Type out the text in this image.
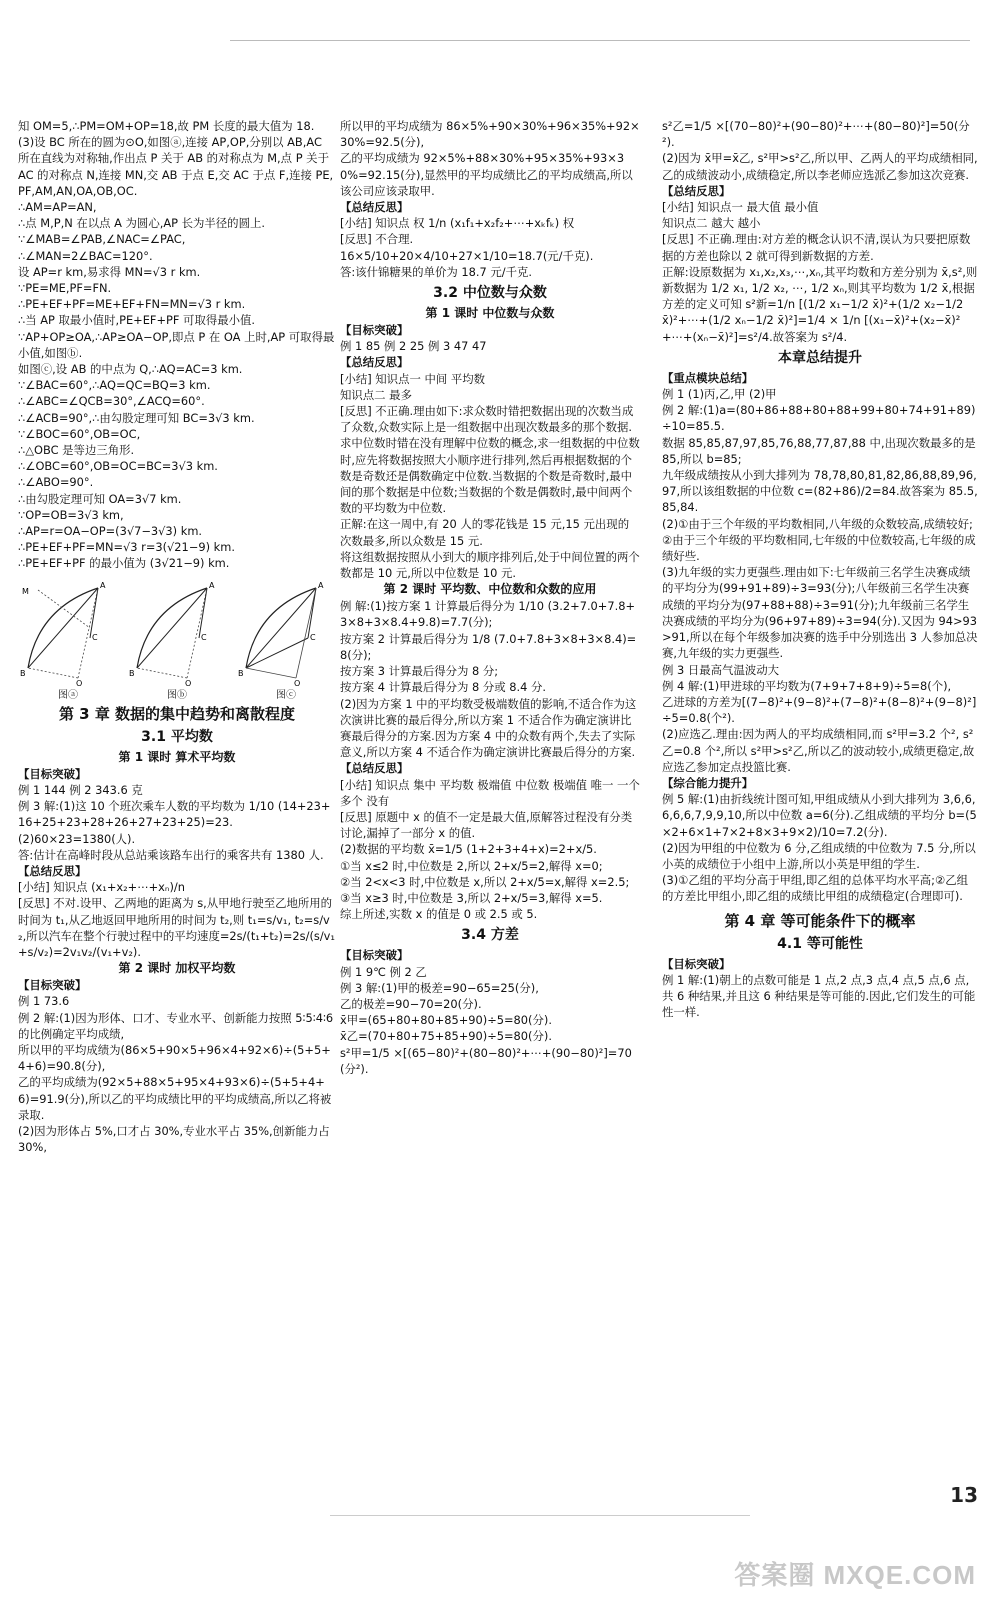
知 OM=5,∴PM=OM+OP=18,故 PM 长度的最大值为 18.

(3)设 BC 所在的圆为⊙O,如图ⓐ,连接 AP,OP,分别以 AB,AC 所在直线为对称轴,作出点 P 关于 AB 的对称点为 M,点 P 关于 AC 的对称点 N,连接 MN,交 AB 于点 E,交 AC 于点 F,连接 PE,PF,AM,AN,OA,OB,OC.

∴AM=AP=AN,

∴点 M,P,N 在以点 A 为圆心,AP 长为半径的圆上.

∵∠MAB=∠PAB,∠NAC=∠PAC,

∴∠MAN=2∠BAC=120°.

设 AP=r km,易求得 MN=√3 r km.

∵PE=ME,PF=FN.

∴PE+EF+PF=ME+EF+FN=MN=√3 r km.

∴当 AP 取最小值时,PE+EF+PF 可取得最小值.

∵AP+OP≥OA,∴AP≥OA−OP,即点 P 在 OA 上时,AP 可取得最小值,如图ⓑ.

如图ⓒ,设 AB 的中点为 Q,∴AQ=AC=3 km.

∵∠BAC=60°,∴AQ=QC=BQ=3 km.

∴∠ABC=∠QCB=30°,∠ACQ=60°.

∴∠ACB=90°,∴由勾股定理可知 BC=3√3 km.

∵∠BOC=60°,OB=OC,

∴△OBC 是等边三角形.

∴∠OBC=60°,OB=OC=BC=3√3 km.

∴∠ABO=90°.

∴由勾股定理可知 OA=3√7 km.

∵OP=OB=3√3 km,

∴AP=r=OA−OP=(3√7−3√3) km.

∴PE+EF+PF=MN=√3 r=3(√21−9) km.

∴PE+EF+PF 的最小值为 (3√21−9) km.

M
A
B
C
O
图ⓐ
A
B
C
O
图ⓑ
A
B
C
O
图ⓒ
第 3 章 数据的集中趋势和离散程度
3.1 平均数
第 1 课时 算术平均数

【目标突破】

例 1 144 例 2 343.6 克

例 3 解:(1)这 10 个班次乘车人数的平均数为 1/10 (14+23+16+25+23+28+26+27+23+25)=23.

(2)60×23=1380(人).

答:估计在高峰时段从总站乘该路车出行的乘客共有 1380 人.

【总结反思】

[小结] 知识点 (x₁+x₂+⋯+xₙ)/n

[反思] 不对.设甲、乙两地的距离为 s,从甲地行驶至乙地所用的时间为 t₁,从乙地返回甲地所用的时间为 t₂,则 t₁=s/v₁, t₂=s/v₂,所以汽车在整个行驶过程中的平均速度=2s/(t₁+t₂)=2s/(s/v₁+s/v₂)=2v₁v₂/(v₁+v₂).

第 2 课时 加权平均数

【目标突破】

例 1 73.6

例 2 解:(1)因为形体、口才、专业水平、创新能力按照 5∶5∶4∶6 的比例确定平均成绩,

所以甲的平均成绩为(86×5+90×5+96×4+92×6)÷(5+5+4+6)=90.8(分),

乙的平均成绩为(92×5+88×5+95×4+93×6)÷(5+5+4+6)=91.9(分),所以乙的平均成绩比甲的平均成绩高,所以乙将被录取.

(2)因为形体占 5%,口才占 30%,专业水平占 35%,创新能力占 30%,

所以甲的平均成绩为 86×5%+90×30%+96×35%+92×30%=92.5(分),

乙的平均成绩为 92×5%+88×30%+95×35%+93×30%=92.15(分),显然甲的平均成绩比乙的平均成绩高,所以该公司应该录取甲.

【总结反思】

[小结] 知识点 权 1/n (x₁f₁+x₂f₂+⋯+xₖfₖ) 权

[反思] 不合理.

16×5/10+20×4/10+27×1/10=18.7(元/千克).

答:该什锦糖果的单价为 18.7 元/千克.

3.2 中位数与众数
第 1 课时 中位数与众数

【目标突破】

例 1 85 例 2 25 例 3 47 47

【总结反思】

[小结] 知识点一 中间 平均数

知识点二 最多

[反思] 不正确.理由如下:求众数时错把数据出现的次数当成了众数,众数实际上是一组数据中出现次数最多的那个数据.

求中位数时错在没有理解中位数的概念,求一组数据的中位数时,应先将数据按照大小顺序进行排列,然后再根据数据的个数是奇数还是偶数确定中位数.当数据的个数是奇数时,最中间的那个数据是中位数;当数据的个数是偶数时,最中间两个数的平均数为中位数.

正解:在这一周中,有 20 人的零花钱是 15 元,15 元出现的次数最多,所以众数是 15 元.

将这组数据按照从小到大的顺序排列后,处于中间位置的两个数都是 10 元,所以中位数是 10 元.

第 2 课时 平均数、中位数和众数的应用

例 解:(1)按方案 1 计算最后得分为 1/10 (3.2+7.0+7.8+3×8+3×8.4+9.8)=7.7(分);

按方案 2 计算最后得分为 1/8 (7.0+7.8+3×8+3×8.4)=8(分);

按方案 3 计算最后得分为 8 分;

按方案 4 计算最后得分为 8 分或 8.4 分.

(2)因为方案 1 中的平均数受极端数值的影响,不适合作为这次演讲比赛的最后得分,所以方案 1 不适合作为确定演讲比赛最后得分的方案.因为方案 4 中的众数有两个,失去了实际意义,所以方案 4 不适合作为确定演讲比赛最后得分的方案.

【总结反思】

[小结] 知识点 集中 平均数 极端值 中位数 极端值 唯一 一个 多个 没有

[反思] 原题中 x 的值不一定是最大值,原解答过程没有分类讨论,漏掉了一部分 x 的值.

(2)数据的平均数 x̄=1/5 (1+2+3+4+x)=2+x/5.

①当 x≤2 时,中位数是 2,所以 2+x/5=2,解得 x=0;

②当 2<x<3 时,中位数是 x,所以 2+x/5=x,解得 x=2.5;

③当 x≥3 时,中位数是 3,所以 2+x/5=3,解得 x=5.

综上所述,实数 x 的值是 0 或 2.5 或 5.

3.4 方差

【目标突破】

例 1 9℃ 例 2 乙

例 3 解:(1)甲的极差=90−65=25(分),

乙的极差=90−70=20(分).

x̄甲=(65+80+80+85+90)÷5=80(分).

x̄乙=(70+80+75+85+90)÷5=80(分).

s²甲=1/5 ×[(65−80)²+(80−80)²+⋯+(90−80)²]=70(分²).

s²乙=1/5 ×[(70−80)²+(90−80)²+⋯+(80−80)²]=50(分²).

(2)因为 x̄甲=x̄乙, s²甲>s²乙,所以甲、乙两人的平均成绩相同,乙的成绩波动小,成绩稳定,所以李老师应选派乙参加这次竞赛.

【总结反思】

[小结] 知识点一 最大值 最小值

知识点二 越大 越小

[反思] 不正确.理由:对方差的概念认识不清,误认为只要把原数据的方差也除以 2 就可得到新数据的方差.

正解:设原数据为 x₁,x₂,x₃,⋯,xₙ,其平均数和方差分别为 x̄,s²,则新数据为 1/2 x₁, 1/2 x₂, ⋯, 1/2 xₙ,则其平均数为 1/2 x̄,根据方差的定义可知 s²新=1/n [(1/2 x₁−1/2 x̄)²+(1/2 x₂−1/2 x̄)²+⋯+(1/2 xₙ−1/2 x̄)²]=1/4 × 1/n [(x₁−x̄)²+(x₂−x̄)²+⋯+(xₙ−x̄)²]=s²/4.故答案为 s²/4.

本章总结提升

【重点模块总结】

例 1 (1)丙,乙,甲 (2)甲

例 2 解:(1)a=(80+86+88+80+88+99+80+74+91+89)÷10=85.5.

数据 85,85,87,97,85,76,88,77,87,88 中,出现次数最多的是 85,所以 b=85;

九年级成绩按从小到大排列为 78,78,80,81,82,86,88,89,96,97,所以该组数据的中位数 c=(82+86)/2=84.故答案为 85.5,85,84.

(2)①由于三个年级的平均数相同,八年级的众数较高,成绩较好;②由于三个年级的平均数相同,七年级的中位数较高,七年级的成绩好些.

(3)九年级的实力更强些.理由如下:七年级前三名学生决赛成绩的平均分为(99+91+89)÷3=93(分);八年级前三名学生决赛成绩的平均分为(97+88+88)÷3=91(分);九年级前三名学生决赛成绩的平均分为(96+97+89)÷3=94(分).又因为 94>93>91,所以在每个年级参加决赛的选手中分别选出 3 人参加总决赛,九年级的实力更强些.

例 3 日最高气温波动大

例 4 解:(1)甲进球的平均数为(7+9+7+8+9)÷5=8(个),

乙进球的方差为[(7−8)²+(9−8)²+(7−8)²+(8−8)²+(9−8)²]÷5=0.8(个²).

(2)应选乙.理由:因为两人的平均成绩相同,而 s²甲=3.2 个², s²乙=0.8 个²,所以 s²甲>s²乙,所以乙的波动较小,成绩更稳定,故应选乙参加定点投篮比赛.

【综合能力提升】

例 5 解:(1)由折线统计图可知,甲组成绩从小到大排列为 3,6,6,6,6,6,7,9,9,10,所以中位数 a=6(分).乙组成绩的平均分 b=(5×2+6×1+7×2+8×3+9×2)/10=7.2(分).

(2)因为甲组的中位数为 6 分,乙组成绩的中位数为 7.5 分,所以小英的成绩位于小组中上游,所以小英是甲组的学生.

(3)①乙组的平均分高于甲组,即乙组的总体平均水平高;②乙组的方差比甲组小,即乙组的成绩比甲组的成绩稳定(合理即可).

第 4 章 等可能条件下的概率
4.1 等可能性

【目标突破】

例 1 解:(1)朝上的点数可能是 1 点,2 点,3 点,4 点,5 点,6 点,共 6 种结果,并且这 6 种结果是等可能的.因此,它们发生的可能性一样.

13
答案圈 MXQE.COM
